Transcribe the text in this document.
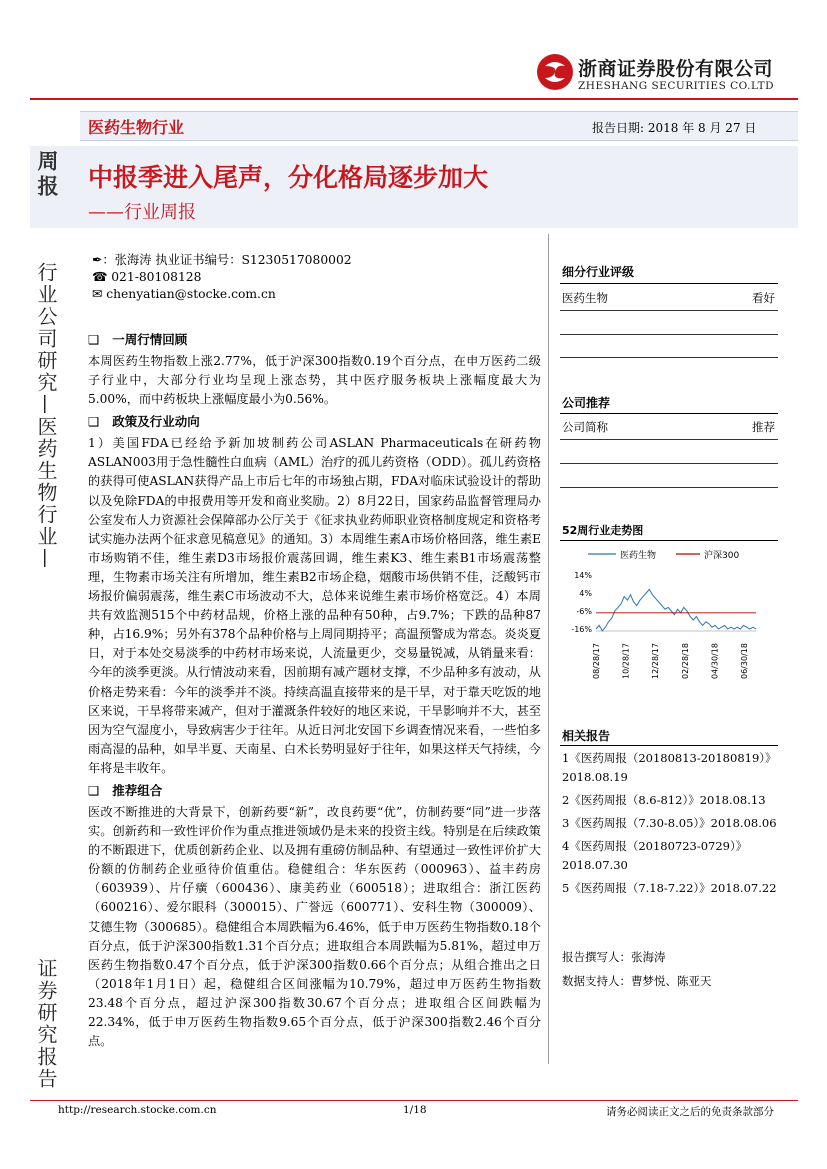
浙商证券股份有限公司
ZHESHANG SECURITIES CO.LTD
医药生物行业	报告日期: 2018 年 8 月 27 日
周报 中报季进入尾声，分化格局逐步加大
——行业周报
行业公司研究—医药生物行业—
证券研究报告
✒：张海涛 执业证书编号：S1230517080002
☎ 021-80108128
✉ chenyatian@stocke.com.cn
❑   一周行情回顾
本周医药生物指数上涨2.77%，低于沪深300指数0.19个百分点，在申万医药二级子行业中，大部分行业均呈现上涨态势，其中医疗服务板块上涨幅度最大为5.00%，而中药板块上涨幅度最小为0.56%。
❑   政策及行业动向
1）美国FDA已经给予新加坡制药公司ASLAN Pharmaceuticals在研药物ASLAN003用于急性髓性白血病（AML）治疗的孤儿药资格（ODD）。孤儿药资格的获得可使ASLAN获得产品上市后七年的市场独占期，FDA对临床试验设计的帮助以及免除FDA的申报费用等开发和商业奖励。2）8月22日，国家药品监督管理局办公室发布人力资源社会保障部办公厅关于《征求执业药师职业资格制度规定和资格考试实施办法两个征求意见稿意见》的通知。3）本周维生素A市场价格回落，维生素E市场购销不佳，维生素D3市场报价震荡回调，维生素K3、维生素B1市场震荡整理，生物素市场关注有所增加，维生素B2市场企稳，烟酸市场供销不佳，泛酸钙市场报价偏弱震荡，维生素C市场波动不大，总体来说维生素市场价格宽泛。4）本周共有效监测515个中药材品规，价格上涨的品种有50种，占9.7%；下跌的品种87种，占16.9%；另外有378个品种价格与上周同期持平；高温预警成为常态。炎炎夏日，对于本处交易淡季的中药材市场来说，人流量更少，交易量锐减，从销量来看：今年的淡季更淡。从行情波动来看，因前期有减产题材支撑，不少品种多有波动，从价格走势来看：今年的淡季并不淡。持续高温直接带来的是干旱，对于靠天吃饭的地区来说，干旱将带来减产，但对于灌溉条件较好的地区来说，干旱影响并不大，甚至因为空气湿度小，导致病害少于往年。从近日河北安国下乡调查情况来看，一些怕多雨高湿的品种，如旱半夏、天南星、白术长势明显好于往年，如果这样天气持续，今年将是丰收年。
❑   推荐组合
医改不断推进的大背景下，创新药要“新”，改良药要“优”，仿制药要“同”进一步落实。创新药和一致性评价作为重点推进领域仍是未来的投资主线。特别是在后续政策的不断跟进下，优质创新药企业、以及拥有重磅仿制品种、有望通过一致性评价扩大份额的仿制药企业亟待价值重估。稳健组合：华东医药（000963）、益丰药房（603939）、片仔癀（600436）、康美药业（600518）；进取组合：浙江医药（600216）、爱尔眼科（300015）、广誉远（600771）、安科生物（300009）、艾德生物（300685）。稳健组合本周跌幅为6.46%，低于申万医药生物指数0.18个百分点，低于沪深300指数1.31个百分点；进取组合本周跌幅为5.81%，超过申万医药生物指数0.47个百分点，低于沪深300指数0.66个百分点；从组合推出之日（2018年1月1日）起，稳健组合区间涨幅为10.79%，超过申万医药生物指数23.48个百分点，超过沪深300指数30.67个百分点；进取组合区间跌幅为22.34%，低于申万医药生物指数9.65个百分点，低于沪深300指数2.46个百分点。
细分行业评级
医药生物	看好
公司推荐
公司简称	推荐
52周行业走势图
医药生物	沪深300
14%
4%
-6%
-16%
08/28/17	10/28/17	12/28/17	02/28/18	04/30/18	06/30/18
相关报告
1《医药周报（20180813-20180819）》2018.08.19
2《医药周报（8.6-812）》2018.08.13
3《医药周报（7.30-8.05）》2018.08.06
4《医药周报（20180723-0729）》2018.07.30
5《医药周报（7.18-7.22）》2018.07.22
报告撰写人：张海涛
数据支持人：曹梦悦、陈亚天
http://research.stocke.com.cn	1/18	请务必阅读正文之后的免责条款部分
